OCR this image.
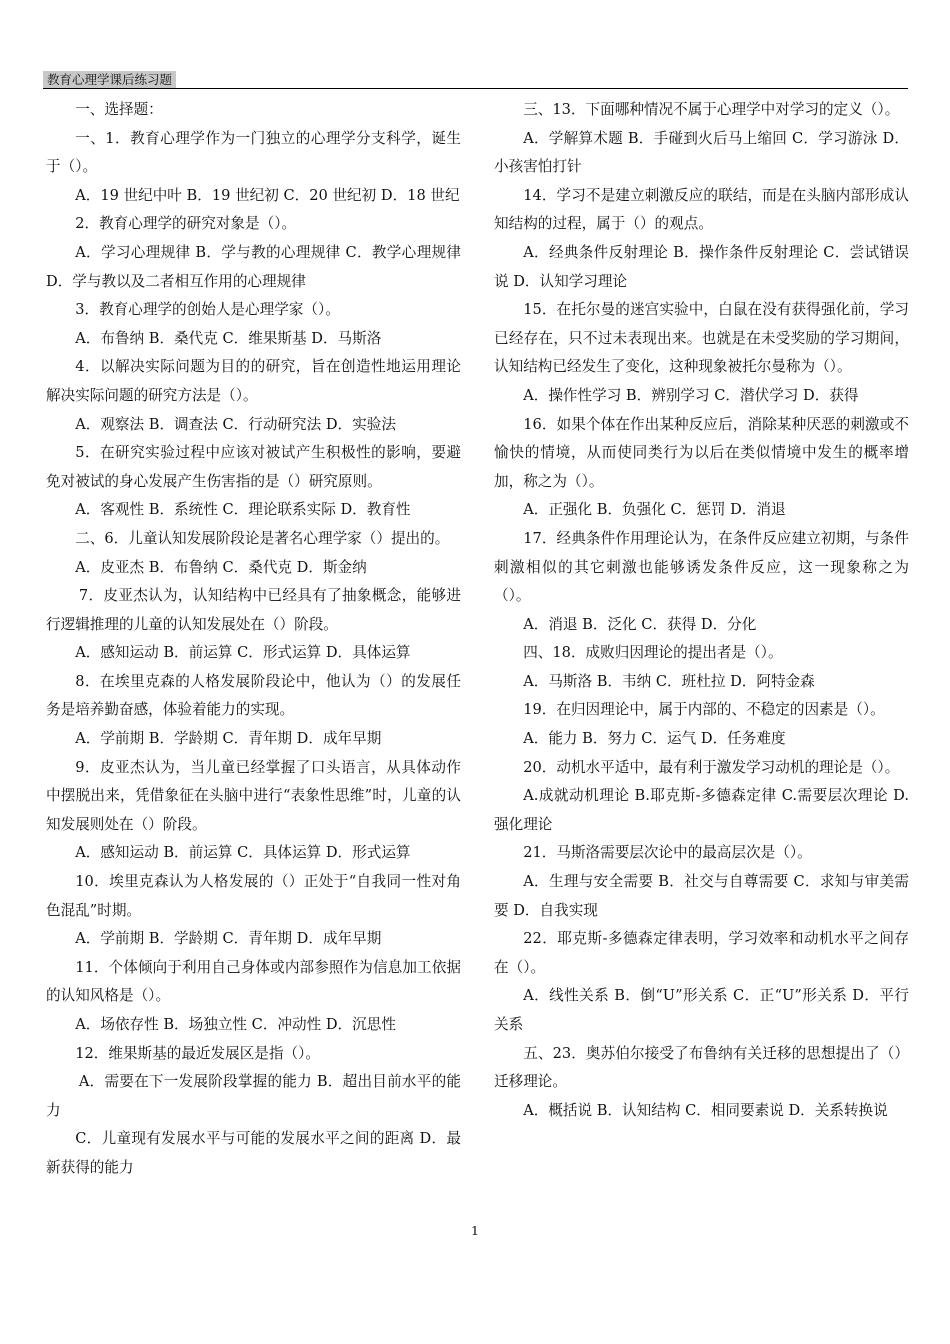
教育心理学课后练习题

一、选择题：

一、1．教育心理学作为一门独立的心理学分支科学，诞生于（）。

A．19 世纪中叶 B．19 世纪初 C．20 世纪初 D．18 世纪

2．教育心理学的研究对象是（）。

A．学习心理规律 B．学与教的心理规律 C．教学心理规律 D．学与教以及二者相互作用的心理规律

3．教育心理学的创始人是心理学家（）。

A．布鲁纳 B．桑代克 C．维果斯基 D．马斯洛

4．以解决实际问题为目的的研究，旨在创造性地运用理论解决实际问题的研究方法是（）。

A．观察法 B．调查法 C．行动研究法 D．实验法

5．在研究实验过程中应该对被试产生积极性的影响，要避免对被试的身心发展产生伤害指的是（）研究原则。

A．客观性 B．系统性 C．理论联系实际 D．教育性

二、6．儿童认知发展阶段论是著名心理学家（）提出的。

A．皮亚杰 B．布鲁纳 C．桑代克 D．斯金纳

7．皮亚杰认为，认知结构中已经具有了抽象概念，能够进行逻辑推理的儿童的认知发展处在（）阶段。

A．感知运动 B．前运算 C．形式运算 D．具体运算

8．在埃里克森的人格发展阶段论中，他认为（）的发展任务是培养勤奋感，体验着能力的实现。

A．学前期 B．学龄期 C．青年期 D．成年早期

9．皮亚杰认为，当儿童已经掌握了口头语言，从具体动作中摆脱出来，凭借象征在头脑中进行“表象性思维”时，儿童的认知发展则处在（）阶段。

A．感知运动 B．前运算 C．具体运算 D．形式运算

10．埃里克森认为人格发展的（）正处于“自我同一性对角色混乱”时期。

A．学前期 B．学龄期 C．青年期 D．成年早期

11．个体倾向于利用自己身体或内部参照作为信息加工依据的认知风格是（）。

A．场依存性 B．场独立性 C．冲动性 D．沉思性

12．维果斯基的最近发展区是指（）。

A．需要在下一发展阶段掌握的能力 B．超出目前水平的能力

C．儿童现有发展水平与可能的发展水平之间的距离 D．最新获得的能力

三、13．下面哪种情况不属于心理学中对学习的定义（）。

A．学解算术题 B．手碰到火后马上缩回 C．学习游泳 D．小孩害怕打针

14．学习不是建立刺激反应的联结，而是在头脑内部形成认知结构的过程，属于（）的观点。

A．经典条件反射理论 B．操作条件反射理论 C．尝试错误说 D．认知学习理论

15．在托尔曼的迷宫实验中，白鼠在没有获得强化前，学习已经存在，只不过未表现出来。也就是在未受奖励的学习期间，认知结构已经发生了变化，这种现象被托尔曼称为（）。

A．操作性学习 B．辨别学习 C．潜伏学习 D．获得

16．如果个体在作出某种反应后，消除某种厌恶的刺激或不愉快的情境，从而使同类行为以后在类似情境中发生的概率增加，称之为（）。

A．正强化 B．负强化 C．惩罚 D．消退

17．经典条件作用理论认为，在条件反应建立初期，与条件刺激相似的其它刺激也能够诱发条件反应，这一现象称之为（）。

A．消退 B．泛化 C．获得 D．分化

四、18．成败归因理论的提出者是（）。

A．马斯洛 B．韦纳 C．班杜拉 D．阿特金森

19．在归因理论中，属于内部的、不稳定的因素是（）。

A．能力 B．努力 C．运气 D．任务难度

20．动机水平适中，最有利于激发学习动机的理论是（）。

A.成就动机理论 B.耶克斯-多德森定律 C.需要层次理论 D.强化理论

21．马斯洛需要层次论中的最高层次是（）。

A．生理与安全需要 B．社交与自尊需要 C．求知与审美需要 D．自我实现

22．耶克斯-多德森定律表明，学习效率和动机水平之间存在（）。

A．线性关系 B．倒“U”形关系 C．正“U”形关系 D．平行关系

五、23．奥苏伯尔接受了布鲁纳有关迁移的思想提出了（）迁移理论。

A．概括说 B．认知结构 C．相同要素说 D．关系转换说

1
